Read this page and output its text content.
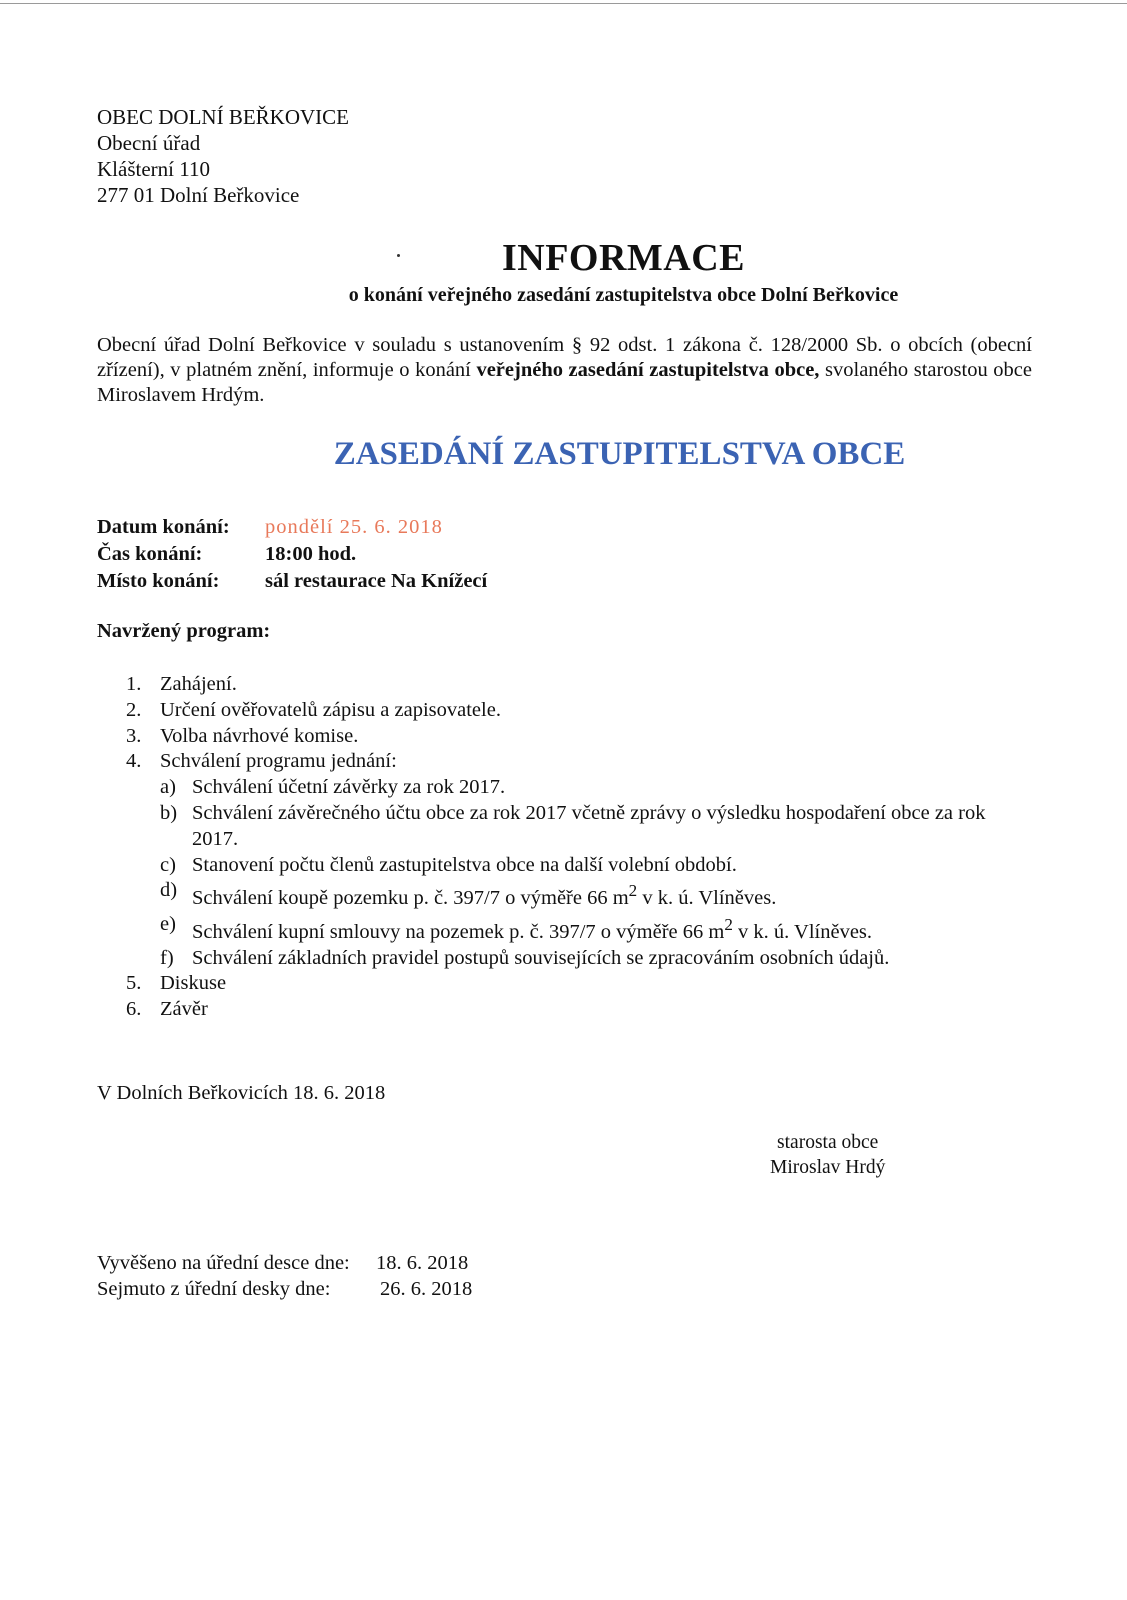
OBEC DOLNÍ BEŘKOVICE
Obecní úřad
Klášterní 110
277 01 Dolní Beřkovice
INFORMACE
o konání veřejného zasedání zastupitelstva obce Dolní Beřkovice
Obecní úřad Dolní Beřkovice v souladu s ustanovením § 92 odst. 1 zákona č. 128/2000 Sb. o obcích (obecní zřízení), v platném znění, informuje o konání veřejného zasedání zastupitelstva obce, svolaného starostou obce Miroslavem Hrdým.
ZASEDÁNÍ ZASTUPITELSTVA OBCE
Datum konání:	pondělí 25. 6. 2018
Čas konání:	18:00 hod.
Místo konání:	sál restaurace Na Knížecí
Navržený program:
1. Zahájení.
2. Určení ověřovatelů zápisu a zapisovatele.
3. Volba návrhové komise.
4. Schválení programu jednání:
a) Schválení účetní závěrky za rok 2017.
b) Schválení závěrečného účtu obce za rok 2017 včetně zprávy o výsledku hospodaření obce za rok 2017.
c) Stanovení počtu členů zastupitelstva obce na další volební období.
d) Schválení koupě pozemku p. č. 397/7 o výměře 66 $m^2$ v k. ú. Vlíněves.
e) Schválení kupní smlouvy na pozemek p. č. 397/7 o výměře 66 $m^2$ v k. ú. Vlíněves.
f) Schválení základních pravidel postupů souvisejících se zpracováním osobních údajů.
5. Diskuse
6. Závěr
V Dolních Beřkovicích 18. 6. 2018
starosta obce
Miroslav Hrdý
Vyvěšeno na úřední desce dne:	18. 6. 2018
Sejmuto z úřední desky dne:	26. 6. 2018
